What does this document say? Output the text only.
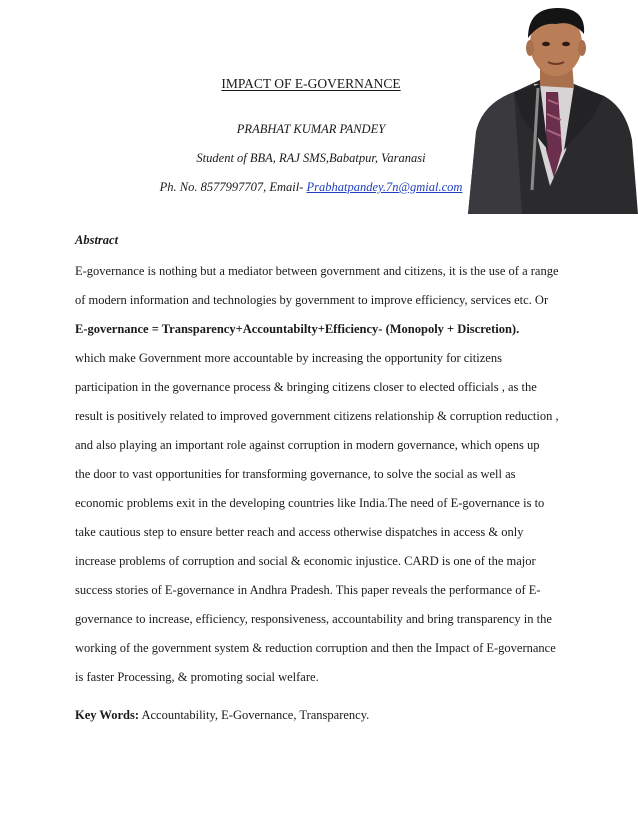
IMPACT OF E-GOVERNANCE
PRABHAT KUMAR PANDEY
Student of BBA, RAJ SMS,Babatpur, Varanasi
Ph. No. 8577997707, Email- Prabhatpandey.7n@gmial.com
Abstract
E-governance is nothing but a mediator between government and citizens, it is the use of a range
of modern information and technologies by government to improve efficiency, services etc. Or
E-governance = Transparency+Accountabilty+Efficiency- (Monopoly + Discretion).
which make Government more accountable by increasing the opportunity for citizens
participation in the governance process & bringing citizens closer to elected officials , as the
result is positively related to improved government citizens relationship & corruption reduction ,
and also playing an important role against corruption in modern governance, which opens up
the door to vast opportunities for transforming governance, to solve the social as well as
economic problems exit in the developing countries like India.The need of E-governance is to
take cautious step to ensure better reach and access otherwise dispatches in access & only
increase problems of corruption and social & economic injustice. CARD is one of the major
success stories of E-governance in Andhra Pradesh. This paper reveals the performance of E-
governance to increase, efficiency, responsiveness, accountability and bring transparency in the
working of the government system & reduction corruption and then the Impact of E-governance
is faster Processing, & promoting social welfare.
Key Words: Accountability, E-Governance, Transparency.
